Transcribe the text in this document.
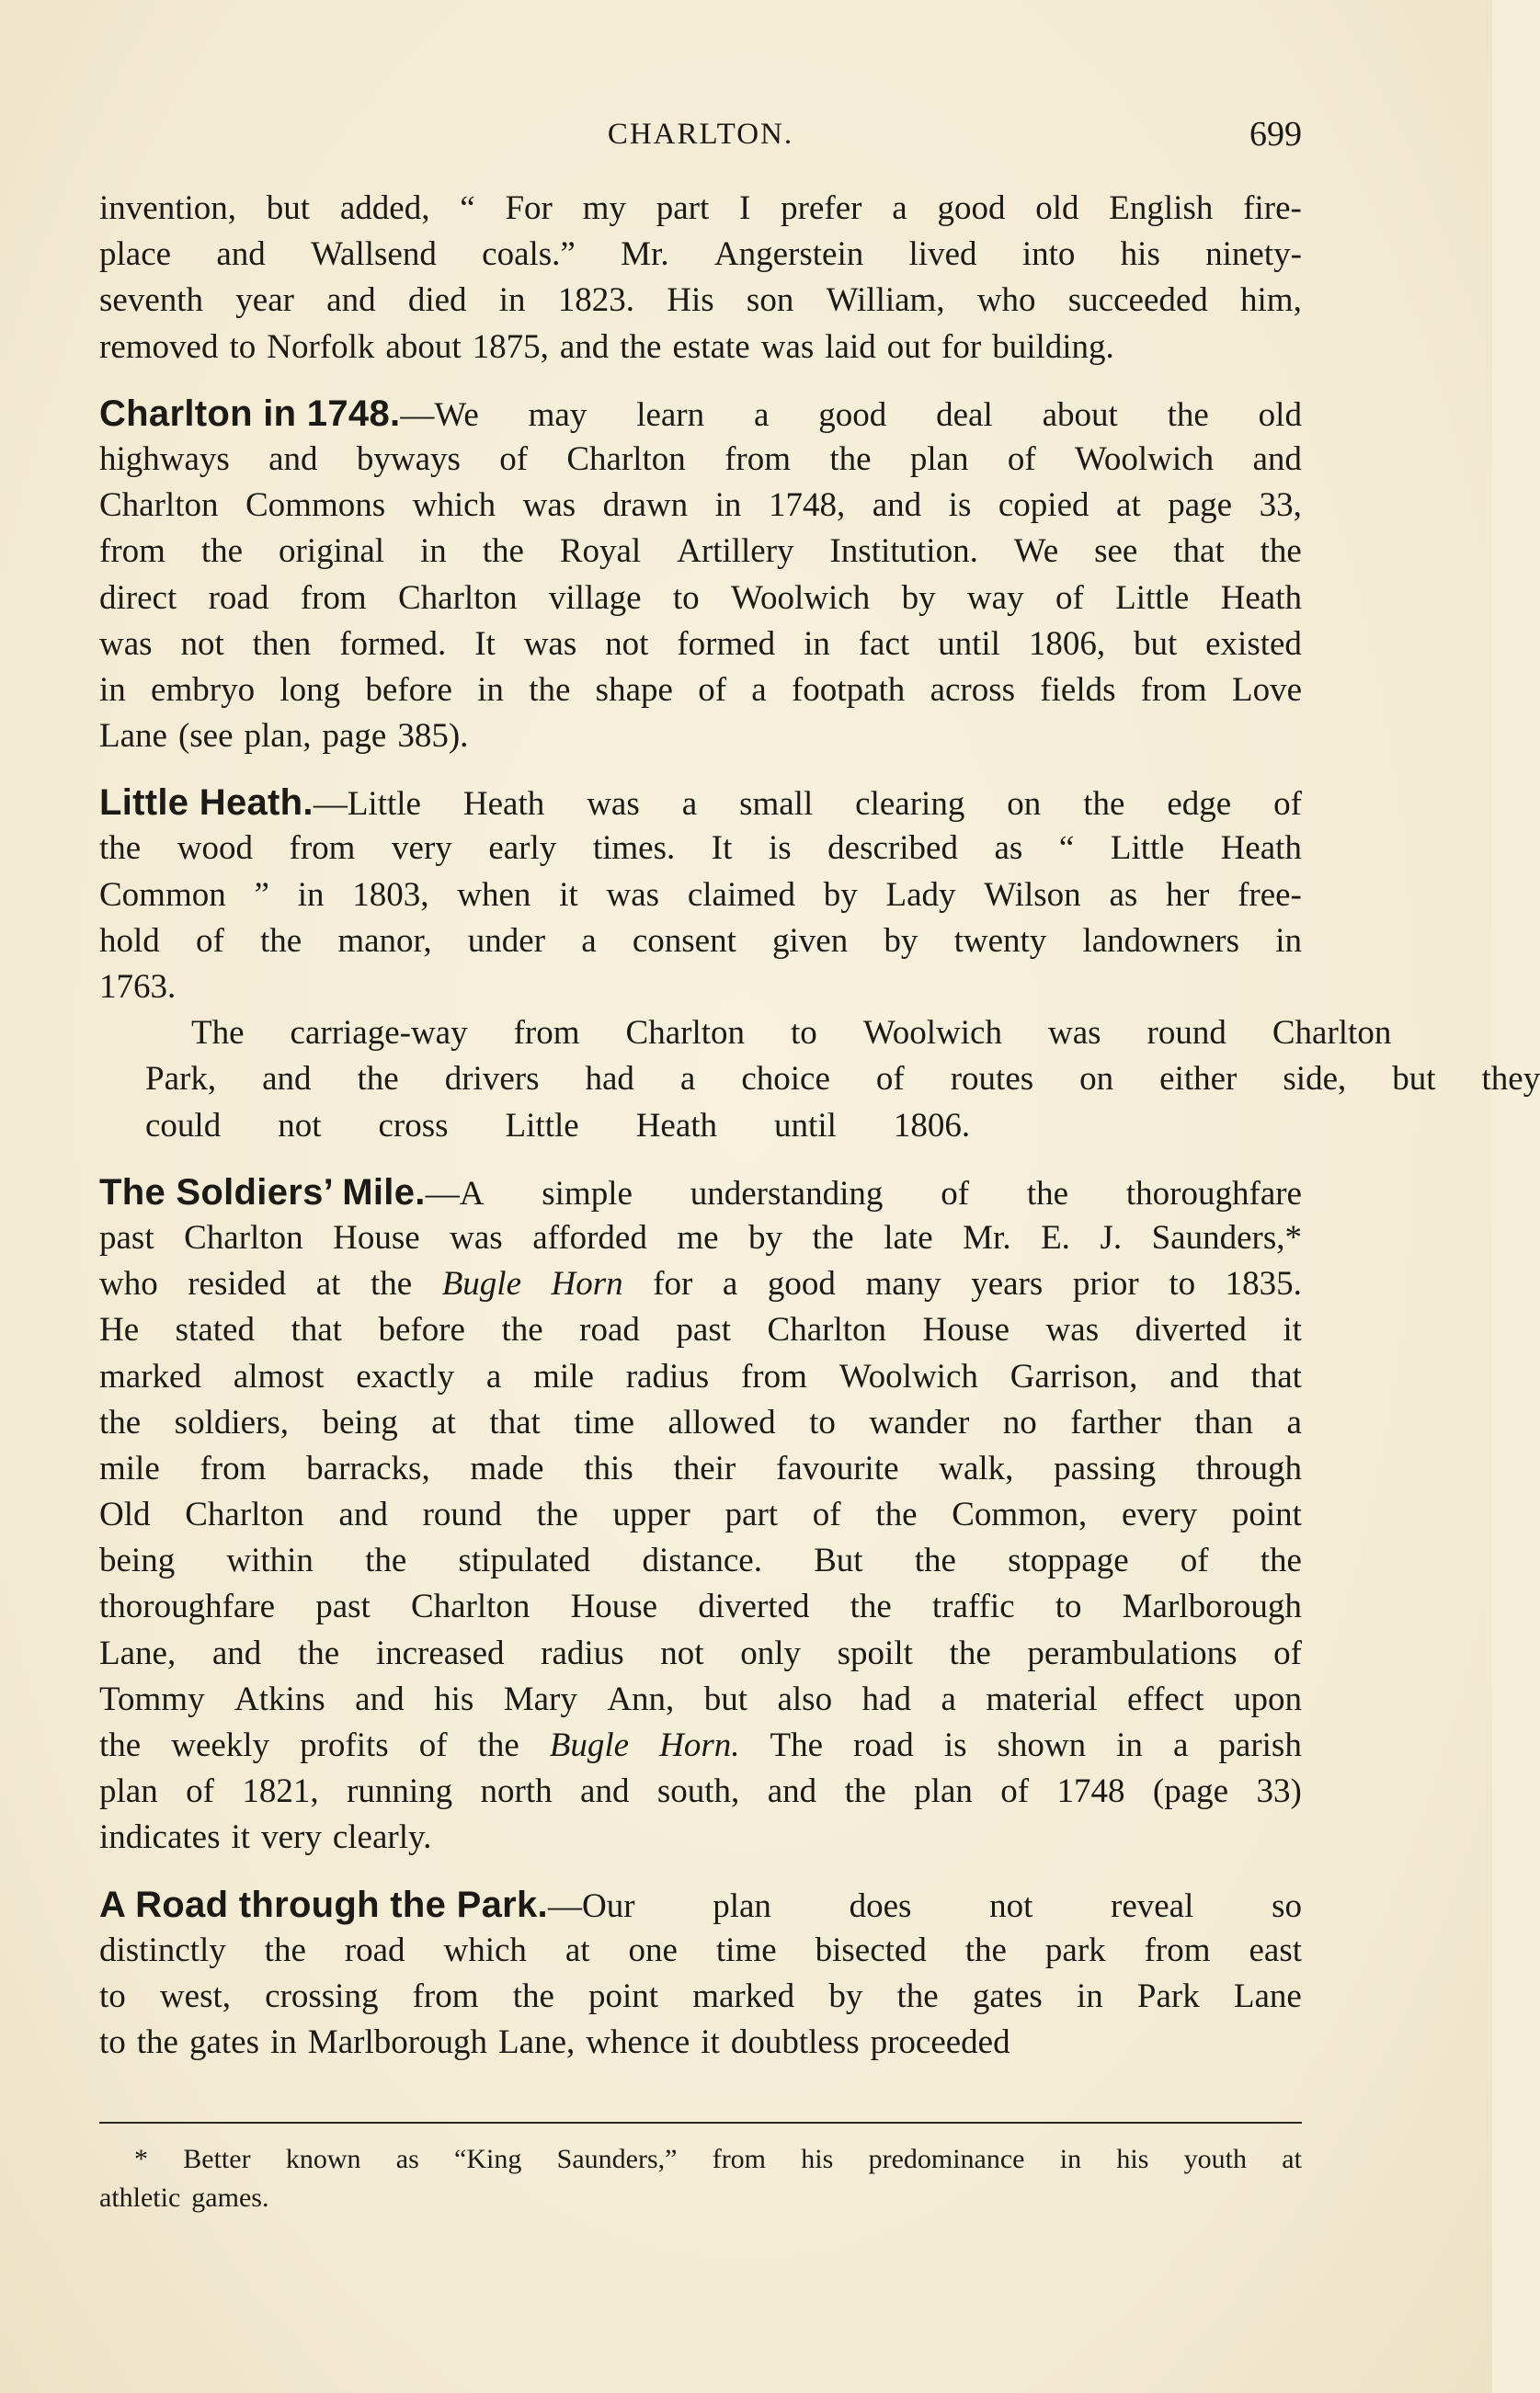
CHARLTON.	699
invention, but added, “ For my part I prefer a good old English fire-
place and Wallsend coals.” Mr. Angerstein lived into his ninety-
seventh year and died in 1823. His son William, who succeeded him,
removed to Norfolk about 1875, and the estate was laid out for building.
Charlton in 1748.—We may learn a good deal about the old
highways and byways of Charlton from the plan of Woolwich and
Charlton Commons which was drawn in 1748, and is copied at page 33,
from the original in the Royal Artillery Institution. We see that the
direct road from Charlton village to Woolwich by way of Little Heath
was not then formed. It was not formed in fact until 1806, but existed
in embryo long before in the shape of a footpath across fields from Love
Lane (see plan, page 385).
Little Heath.—Little Heath was a small clearing on the edge of
the wood from very early times. It is described as “ Little Heath
Common ” in 1803, when it was claimed by Lady Wilson as her free-
hold of the manor, under a consent given by twenty landowners in
1763.
The	carriage-way	from	Charlton	to	Woolwich	was	round	Charlton
Park,	and	the	drivers	had	a	choice	of	routes	on	either	side,	but	they
could	not	cross	Little	Heath	until	1806.
The Soldiers’ Mile.—A simple understanding of the thoroughfare
past Charlton House was afforded me by the late Mr. E. J. Saunders,*
who resided at the Bugle Horn for a good many years prior to 1835.
He stated that before the road past Charlton House was diverted it
marked almost exactly a mile radius from Woolwich Garrison, and that
the soldiers, being at that time allowed to wander no farther than a
mile from barracks, made this their favourite walk, passing through
Old Charlton and round the upper part of the Common, every point
being within the stipulated distance. But the stoppage of the
thoroughfare past Charlton House diverted the traffic to Marlborough
Lane, and the increased radius not only spoilt the perambulations of
Tommy Atkins and his Mary Ann, but also had a material effect upon
the weekly profits of the Bugle Horn. The road is shown in a parish
plan of 1821, running north and south, and the plan of 1748 (page 33)
indicates it very clearly.
A Road through the Park.—Our plan does not reveal so
distinctly the road which at one time bisected the park from east
to west, crossing from the point marked by the gates in Park Lane
to the gates in Marlborough Lane, whence it doubtless proceeded
* Better known as “King Saunders,” from his predominance in his youth at
athletic games.
